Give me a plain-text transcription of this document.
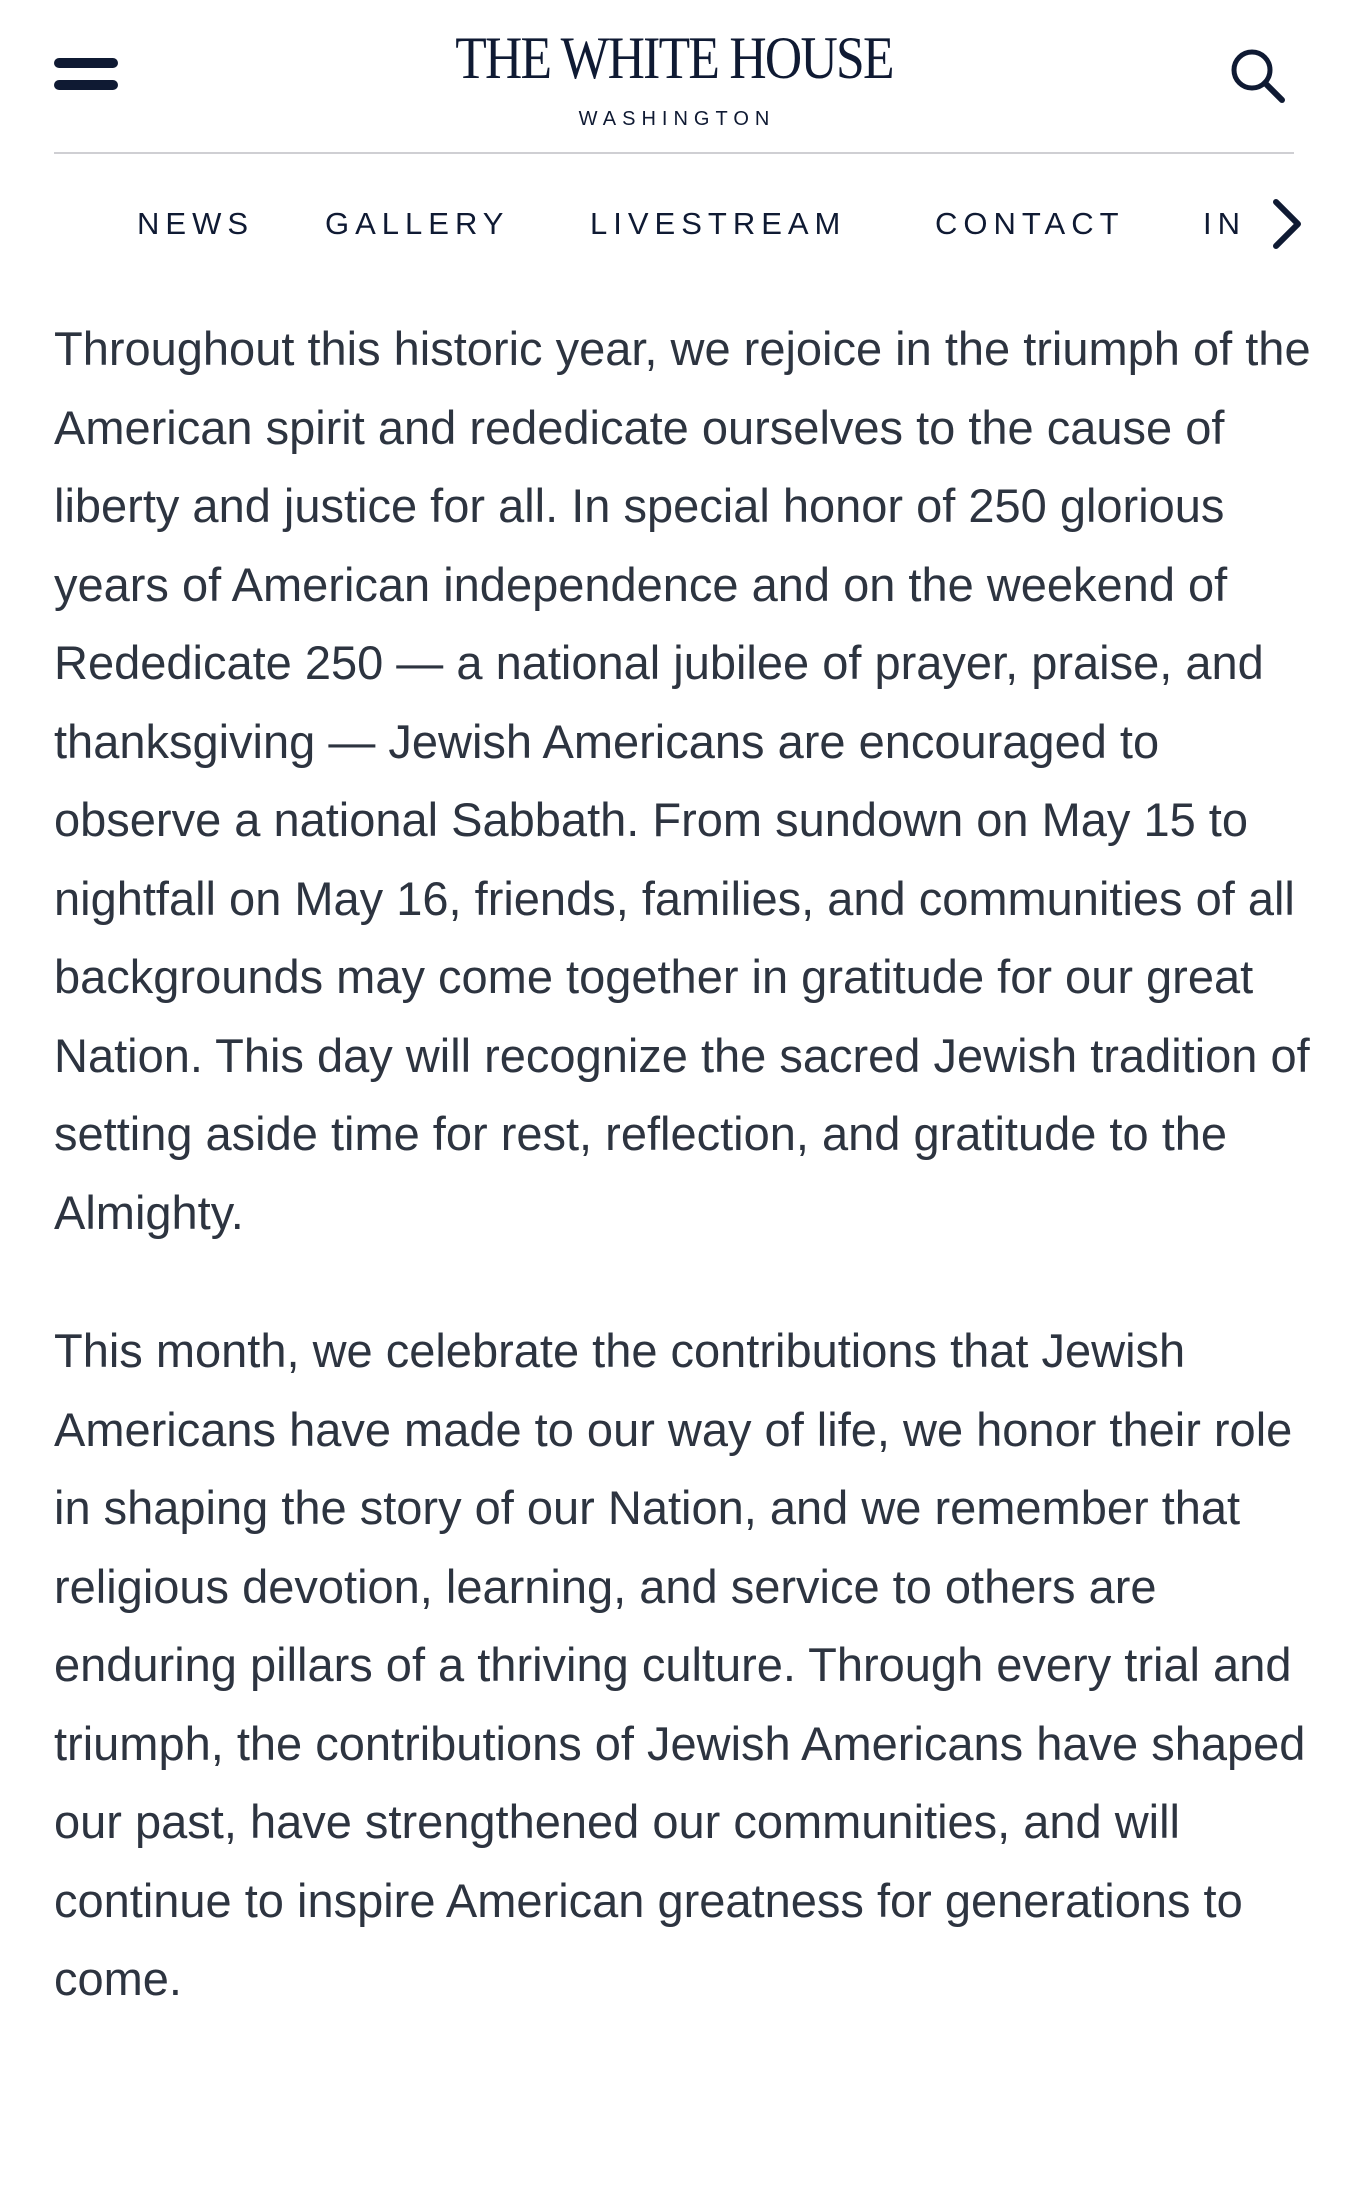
THE WHITE HOUSE
WASHINGTON
NEWS GALLERY	LIVESTREAM	CONTACT	IN

Throughout this historic year, we rejoice in the triumph of the American spirit and rededicate ourselves to the cause of liberty and justice for all. In special honor of 250 glorious years of American independence and on the weekend of Rededicate 250 — a national jubilee of prayer, praise, and thanksgiving — Jewish Americans are encouraged to observe a national Sabbath. From sundown on May 15 to nightfall on May 16, friends, families, and communities of all backgrounds may come together in gratitude for our great Nation. This day will recognize the sacred Jewish tradition of setting aside time for rest, reflection, and gratitude to the Almighty.

This month, we celebrate the contributions that Jewish Americans have made to our way of life, we honor their role in shaping the story of our Nation, and we remember that religious devotion, learning, and service to others are enduring pillars of a thriving culture. Through every trial and triumph, the contributions of Jewish Americans have shaped our past, have strengthened our communities, and will continue to inspire American greatness for generations to come.
